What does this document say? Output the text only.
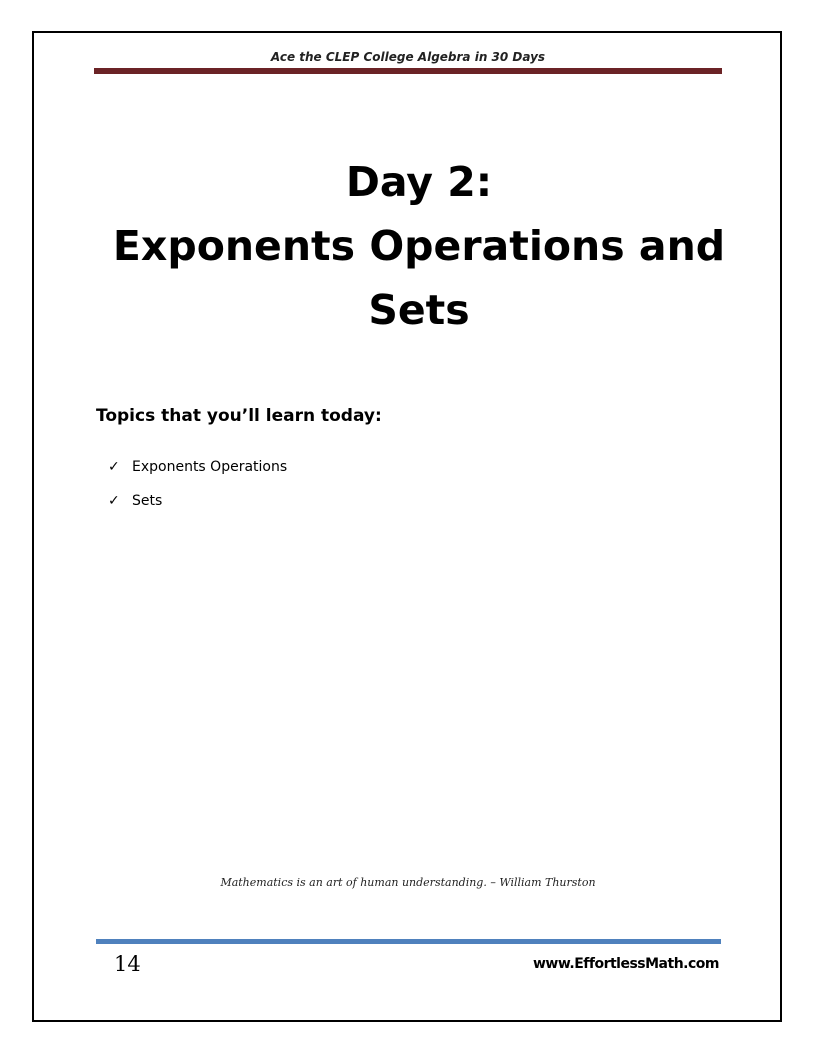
Ace the CLEP College Algebra in 30 Days
Day 2:
Exponents Operations and
Sets
Topics that you’ll learn today:
✓ Exponents Operations
✓ Sets
Mathematics is an art of human understanding. – William Thurston
14	www.EffortlessMath.com
